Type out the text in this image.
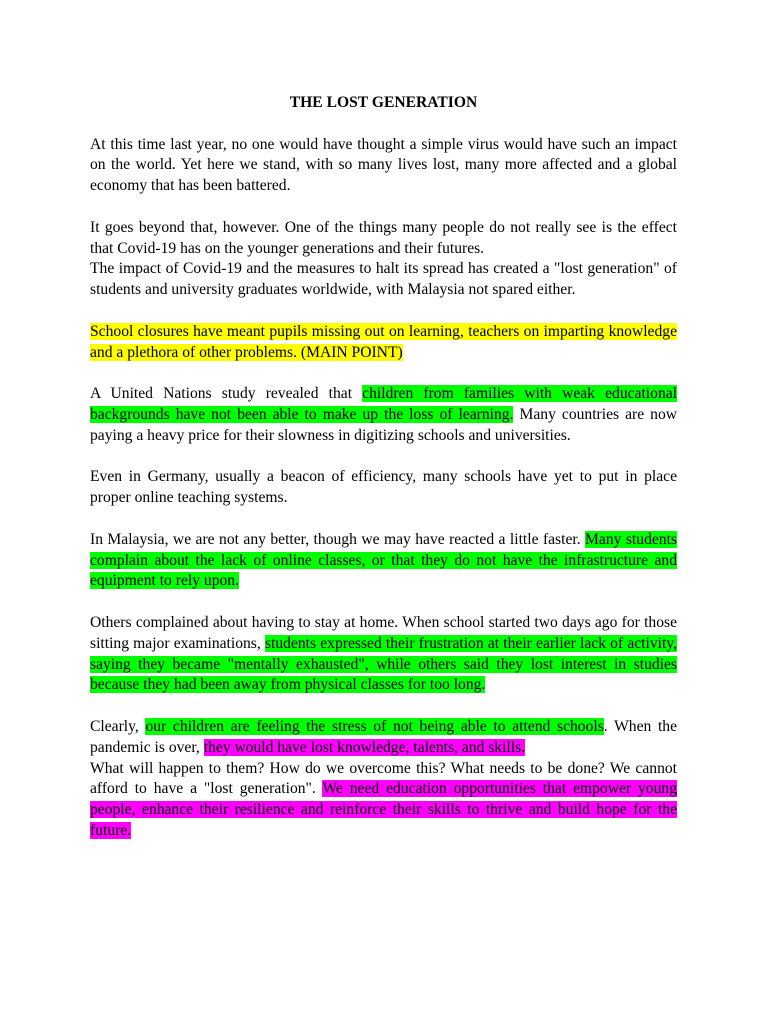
THE LOST GENERATION

At this time last year, no one would have thought a simple virus would have such an impact on the world. Yet here we stand, with so many lives lost, many more affected and a global economy that has been battered.

It goes beyond that, however. One of the things many people do not really see is the effect that Covid-19 has on the younger generations and their futures.

The impact of Covid-19 and the measures to halt its spread has created a "lost generation" of students and university graduates worldwide, with Malaysia not spared either.

School closures have meant pupils missing out on learning, teachers on imparting knowledge and a plethora of other problems. (MAIN POINT)

A United Nations study revealed that children from families with weak educational backgrounds have not been able to make up the loss of learning. Many countries are now paying a heavy price for their slowness in digitizing schools and universities.

Even in Germany, usually a beacon of efficiency, many schools have yet to put in place proper online teaching systems.

In Malaysia, we are not any better, though we may have reacted a little faster. Many students complain about the lack of online classes, or that they do not have the infrastructure and equipment to rely upon.

Others complained about having to stay at home. When school started two days ago for those sitting major examinations, students expressed their frustration at their earlier lack of activity, saying they became "mentally exhausted", while others said they lost interest in studies because they had been away from physical classes for too long.

Clearly, our children are feeling the stress of not being able to attend schools. When the pandemic is over, they would have lost knowledge, talents, and skills.

What will happen to them? How do we overcome this? What needs to be done? We cannot afford to have a "lost generation". We need education opportunities that empower young people, enhance their resilience and reinforce their skills to thrive and build hope for the future.
